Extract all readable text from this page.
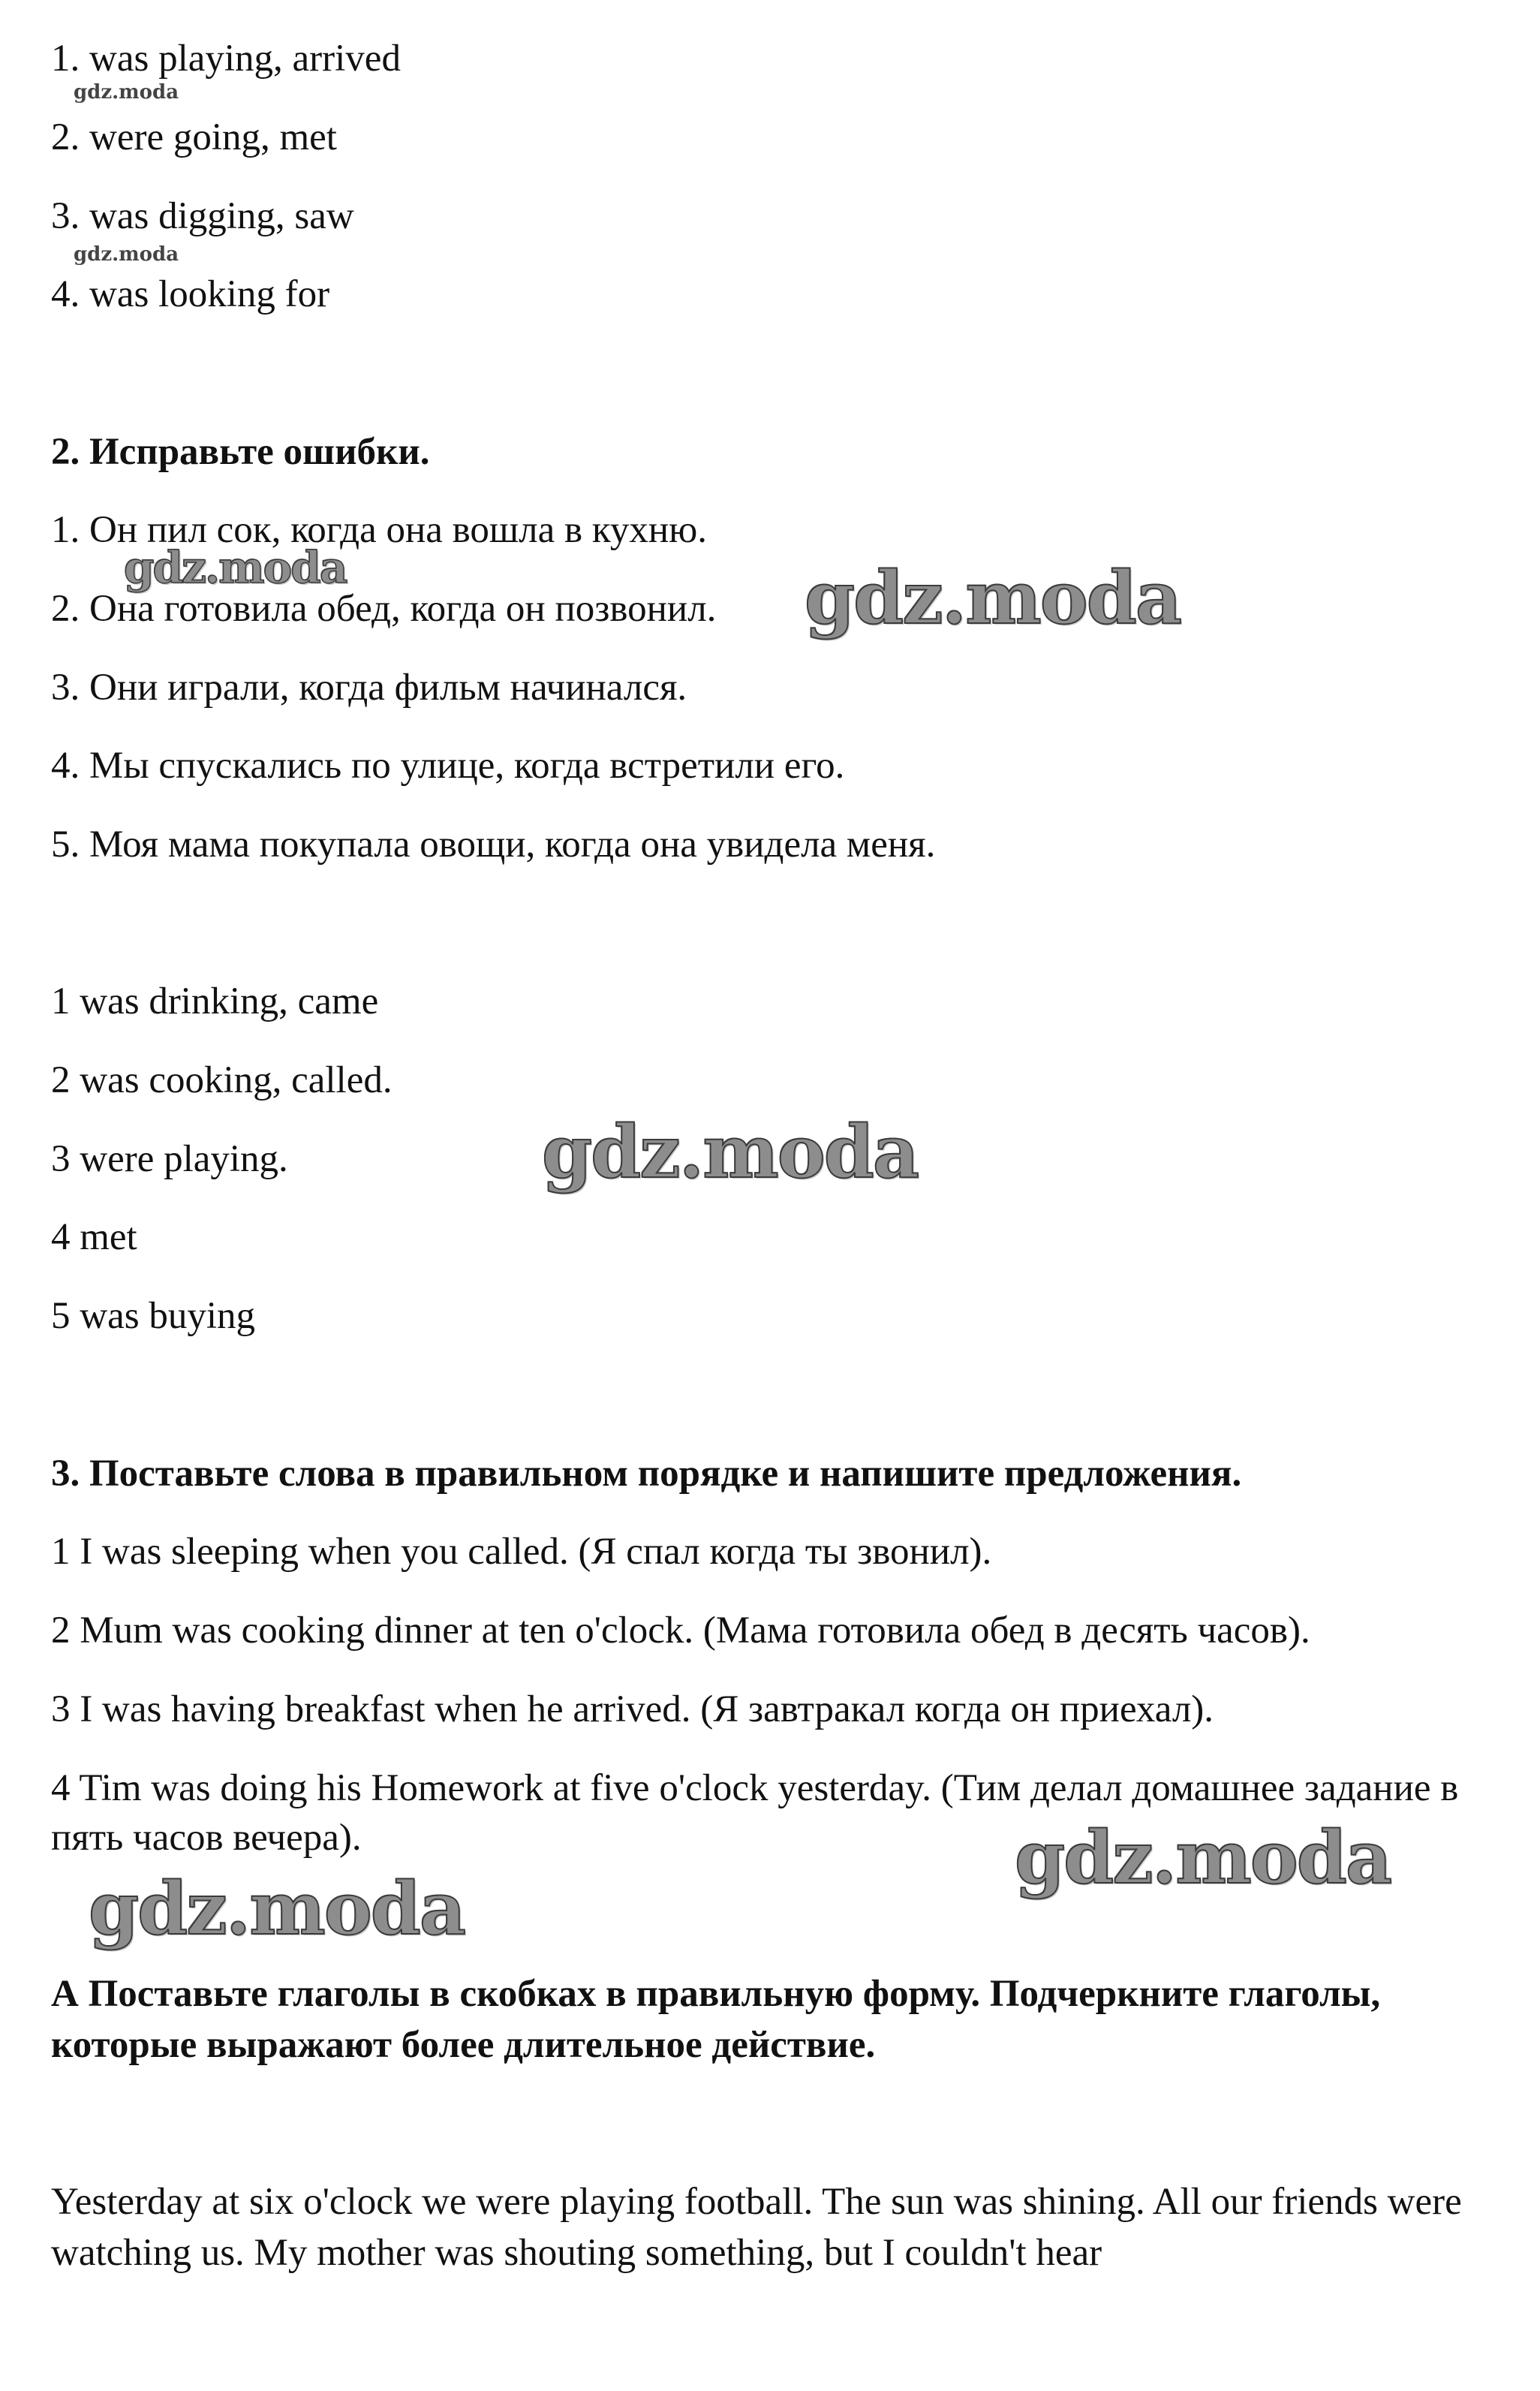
1. was playing, arrived

2. were going, met

3. was digging, saw

4. was looking for

2. Исправьте ошибки.

1. Он пил сок, когда она вошла в кухню.

2. Она готовила обед, когда он позвонил.

3. Они играли, когда фильм начинался.

4. Мы спускались по улице, когда встретили его.

5. Моя мама покупала овощи, когда она увидела меня.

1 was drinking, came

2 was cooking, called.

3 were playing.

4 met

5 was buying

3. Поставьте слова в правильном порядке и напишите предложения.

1 I was sleeping when you called. (Я спал когда ты звонил).

2 Mum was cooking dinner at ten o'clock. (Мама готовила обед в десять часов).

3 I was having breakfast when he arrived. (Я завтракал когда он приехал).

4 Tim was doing his Homework at five o'clock yesterday. (Тим делал домашнее задание в пять часов вечера).

А Поставьте глаголы в скобках в правильную форму. Подчеркните глаголы, которые выражают более длительное действие.

Yesterday at six o'clock we were playing football. The sun was shining. All our friends were watching us. My mother was shouting something, but I couldn't hear

gdz.moda
gdz.moda
gdz.moda	gdz.moda
gdz.moda
gdz.moda
gdz.moda
